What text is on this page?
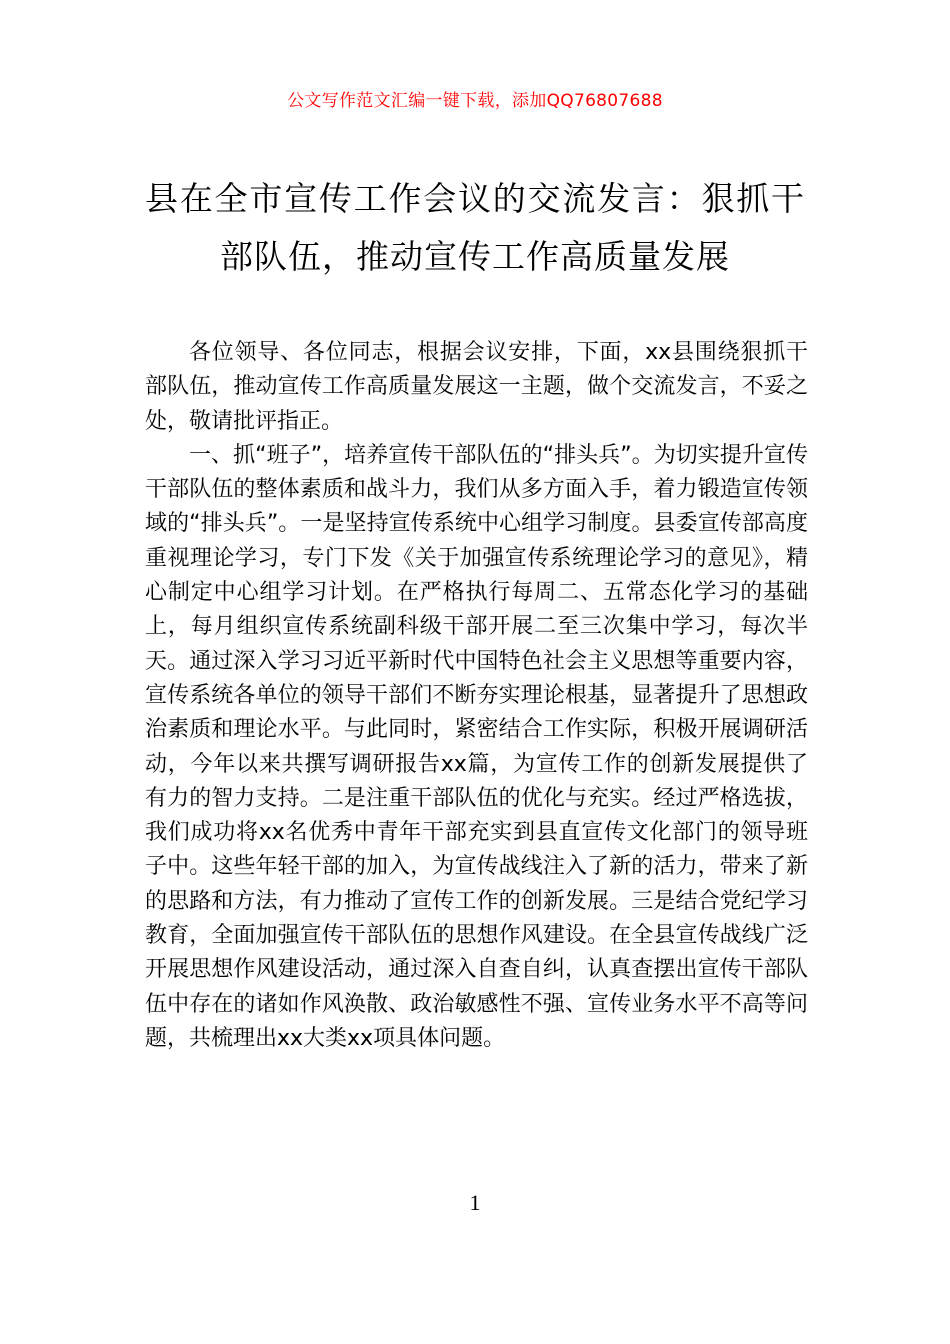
公文写作范文汇编一键下载，添加QQ76807688
县在全市宣传工作会议的交流发言：狠抓干部队伍，推动宣传工作高质量发展

各位领导、各位同志，根据会议安排，下面，xx县围绕狠抓干部队伍，推动宣传工作高质量发展这一主题，做个交流发言，不妥之处，敬请批评指正。

一、抓“班子”，培养宣传干部队伍的“排头兵”。为切实提升宣传干部队伍的整体素质和战斗力，我们从多方面入手，着力锻造宣传领域的“排头兵”。一是坚持宣传系统中心组学习制度。县委宣传部高度重视理论学习，专门下发《关于加强宣传系统理论学习的意见》，精心制定中心组学习计划。在严格执行每周二、五常态化学习的基础上，每月组织宣传系统副科级干部开展二至三次集中学习，每次半天。通过深入学习习近平新时代中国特色社会主义思想等重要内容，宣传系统各单位的领导干部们不断夯实理论根基，显著提升了思想政治素质和理论水平。与此同时，紧密结合工作实际，积极开展调研活动，今年以来共撰写调研报告xx篇，为宣传工作的创新发展提供了有力的智力支持。二是注重干部队伍的优化与充实。经过严格选拔，我们成功将xx名优秀中青年干部充实到县直宣传文化部门的领导班子中。这些年轻干部的加入，为宣传战线注入了新的活力，带来了新的思路和方法，有力推动了宣传工作的创新发展。三是结合党纪学习教育，全面加强宣传干部队伍的思想作风建设。在全县宣传战线广泛开展思想作风建设活动，通过深入自查自纠，认真查摆出宣传干部队伍中存在的诸如作风涣散、政治敏感性不强、宣传业务水平不高等问题，共梳理出xx大类xx项具体问题。

1
